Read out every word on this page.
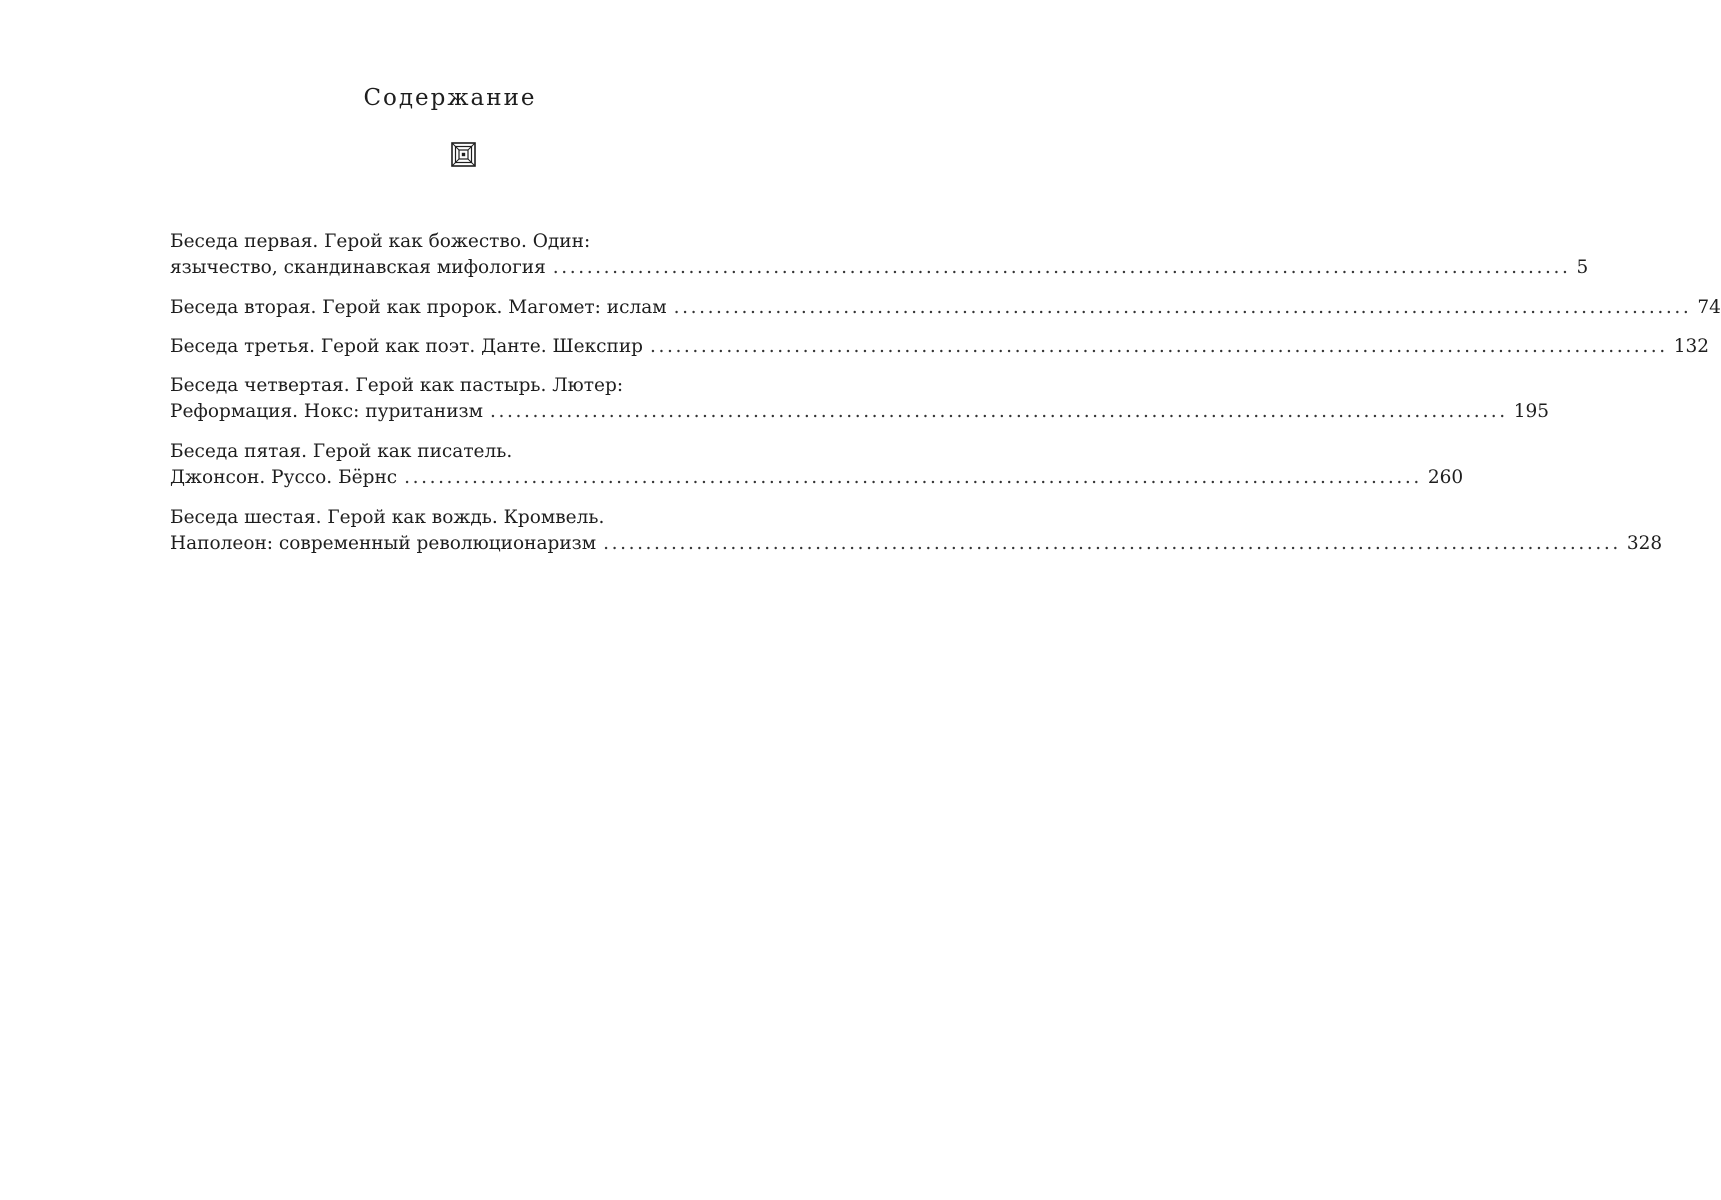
Содержание
Беседа первая. Герой как божество. Один:
язычество, скандинавская мифология ........................................................................................................................ 5
Беседа вторая. Герой как пророк. Магомет: ислам ........................................................................................................................ 74
Беседа третья. Герой как поэт. Данте. Шекспир ........................................................................................................................ 132
Беседа четвертая. Герой как пастырь. Лютер:
Реформация. Нокс: пуританизм ........................................................................................................................ 195
Беседа пятая. Герой как писатель.
Джонсон. Руссо. Бёрнс ........................................................................................................................ 260
Беседа шестая. Герой как вождь. Кромвель.
Наполеон: современный революционаризм ........................................................................................................................ 328
